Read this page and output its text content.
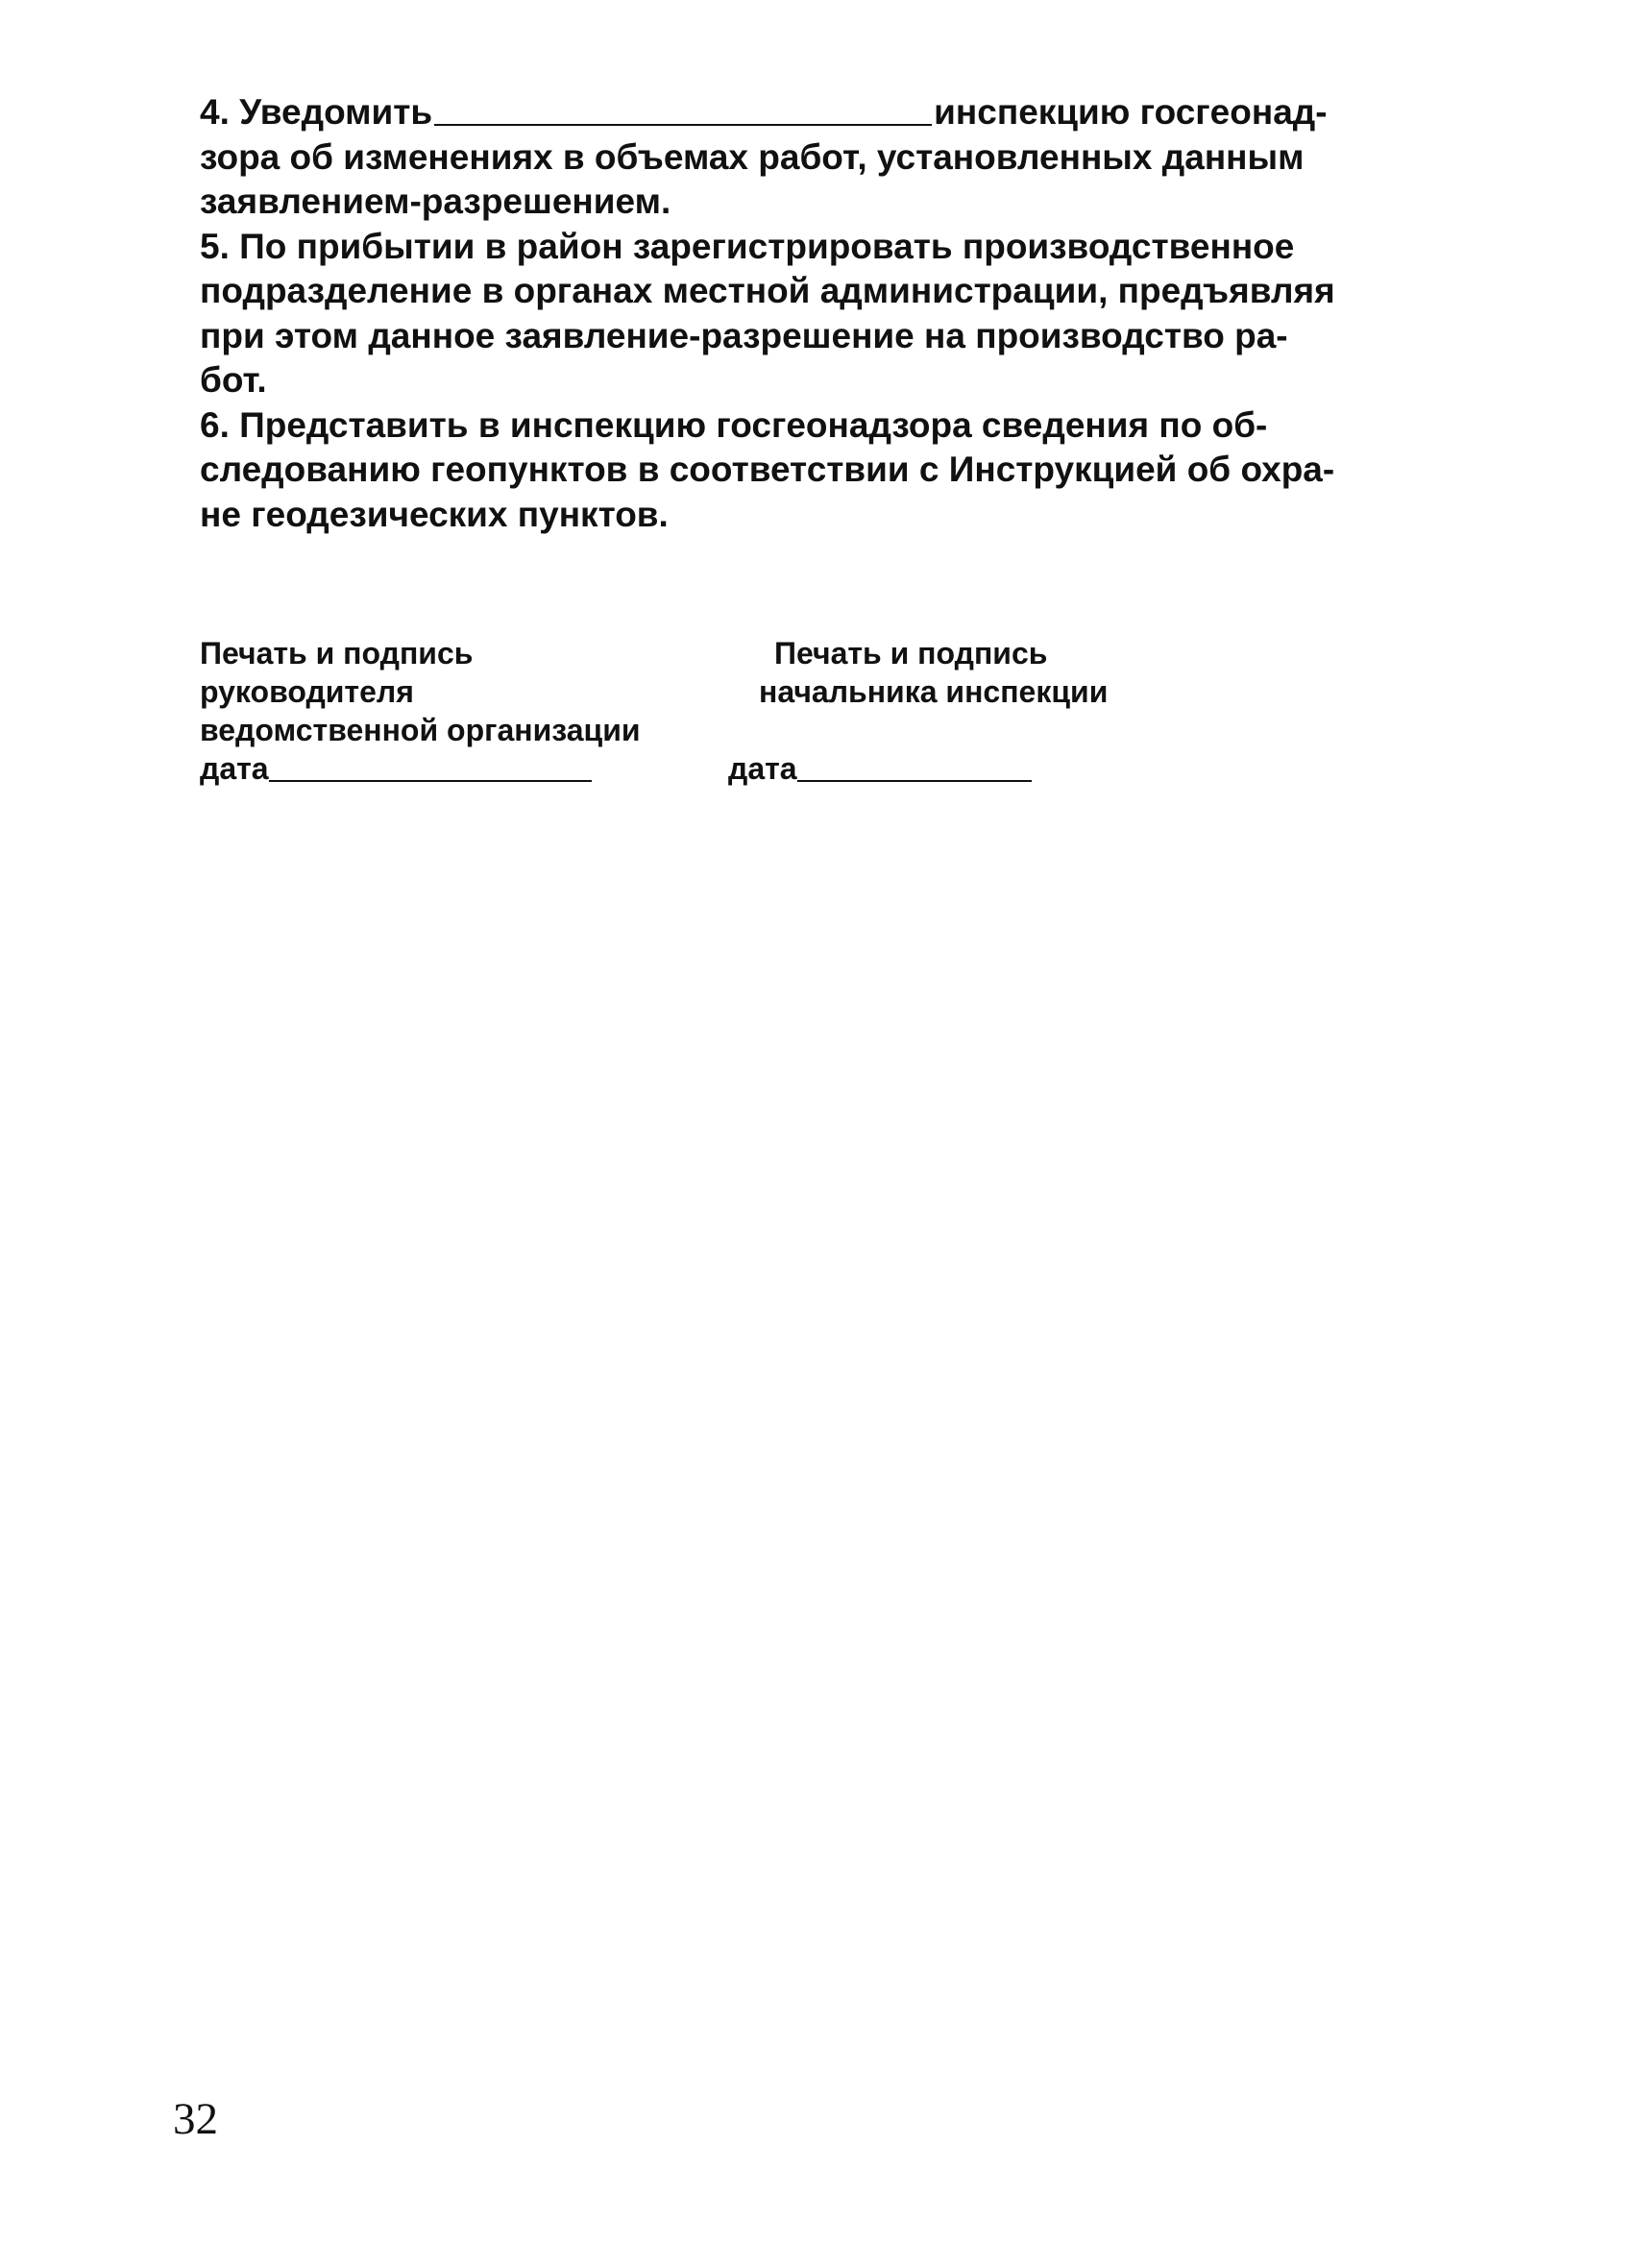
4. Уведомить	инспекцию госгеонад-
зора об изменениях в объемах работ, установленных данным
заявлением-разрешением.
5. По прибытии в район зарегистрировать производственное
подразделение в органах местной администрации, предъявляя
при этом данное заявление-разрешение на производство ра-
бот.
6. Представить в инспекцию госгеонадзора сведения по об-
следованию геопунктов в соответствии с Инструкцией об охра-
не геодезических пунктов.
Печать и подпись
руководителя
ведомственной организации
дата
Печать и подпись
начальника инспекции

дата
32
